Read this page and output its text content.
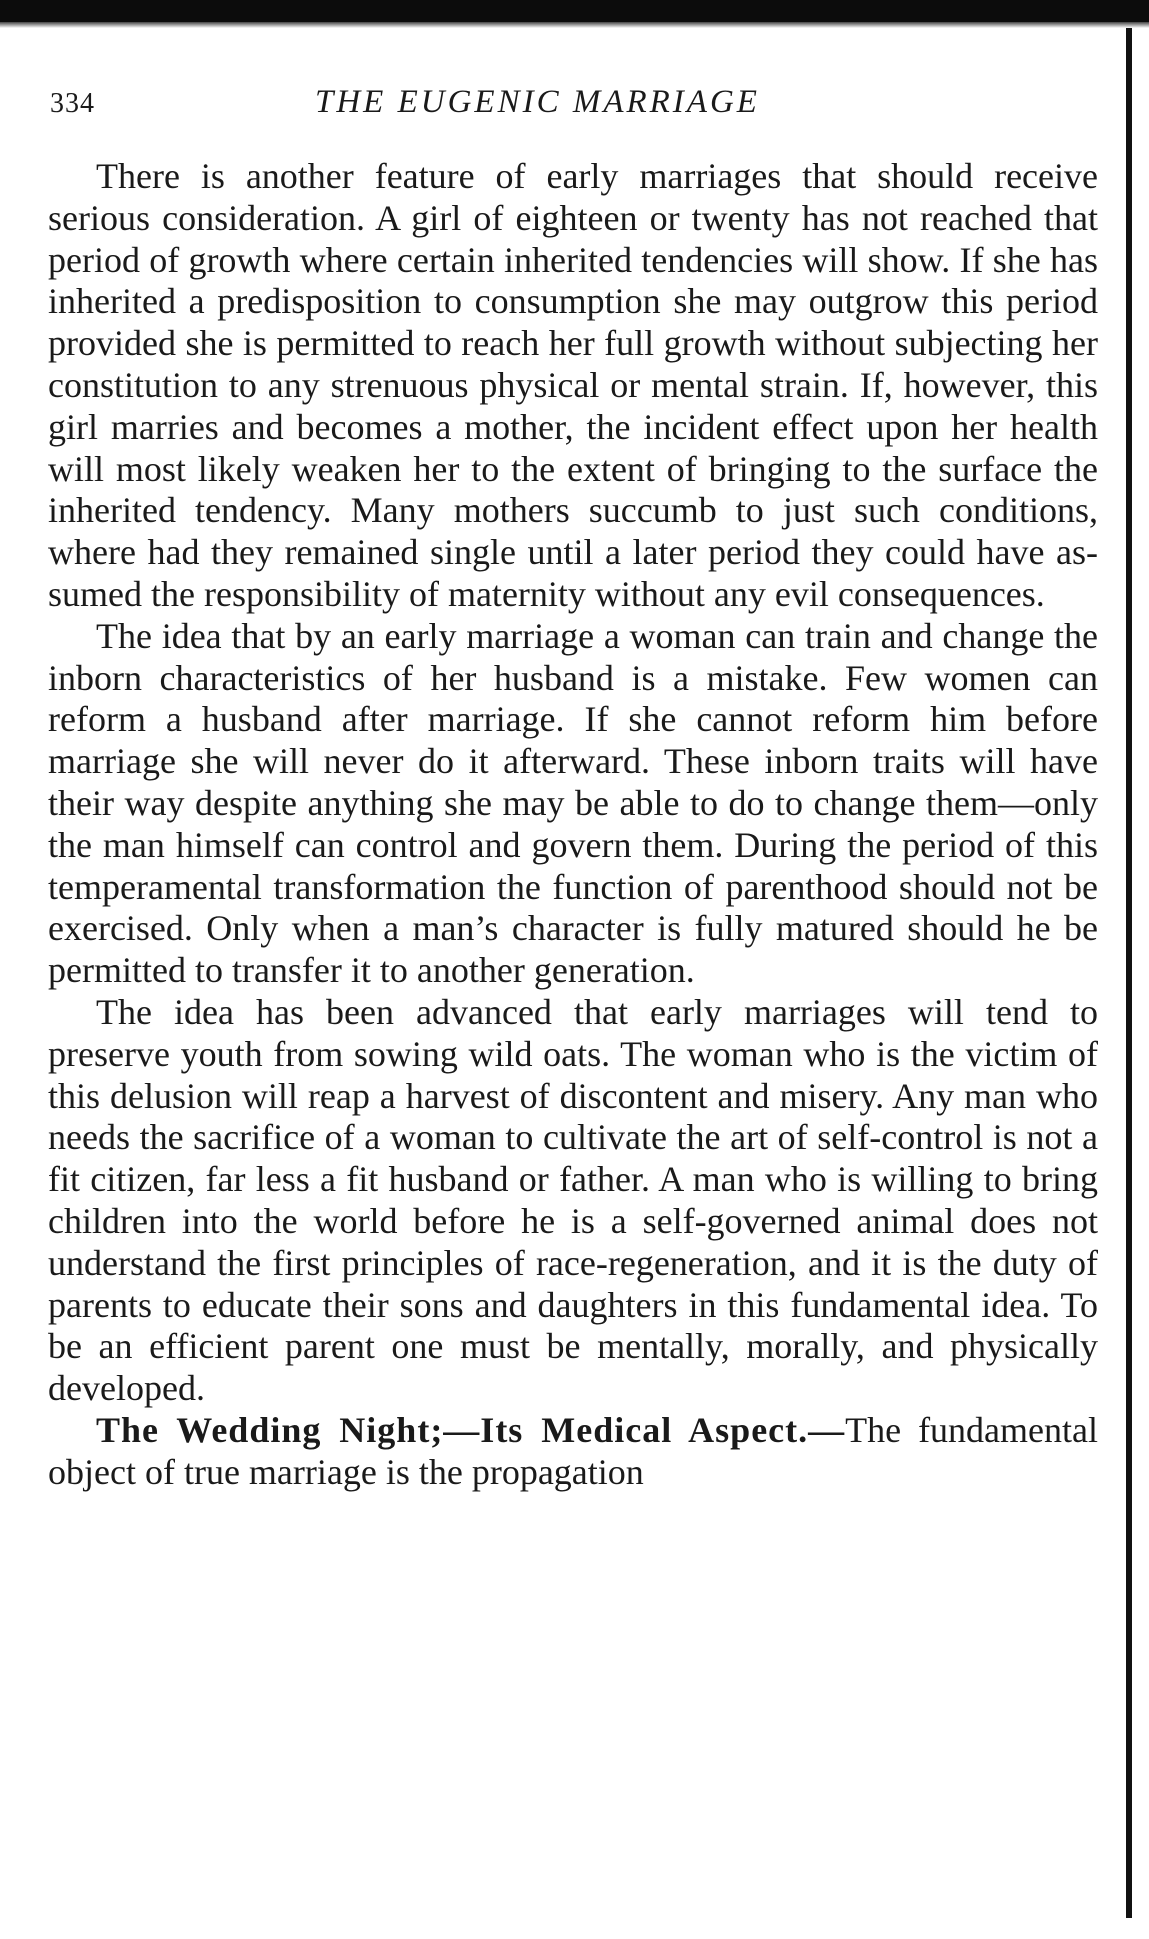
334	THE EUGENIC MARRIAGE

There is another feature of early marriages that should receive serious consideration. A girl of eighteen or twenty has not reached that period of growth where certain inherited tendencies will show. If she has inherited a predisposition to consumption she may outgrow this period provided she is permitted to reach her full growth without subjecting her constitution to any strenuous physical or mental strain. If, however, this girl marries and becomes a mother, the incident effect upon her health will most likely weaken her to the extent of bringing to the surface the inherited tendency. Many mothers succumb to just such conditions, where had they remained single until a later period they could have assumed the responsibility of maternity without any evil consequences.

The idea that by an early marriage a woman can train and change the inborn characteristics of her husband is a mistake. Few women can reform a husband after marriage. If she cannot reform him before marriage she will never do it afterward. These inborn traits will have their way despite anything she may be able to do to change them—only the man himself can control and govern them. During the period of this temperamental transformation the function of parenthood should not be exercised. Only when a man’s character is fully matured should he be permitted to transfer it to another generation.

The idea has been advanced that early marriages will tend to preserve youth from sowing wild oats. The woman who is the victim of this delusion will reap a harvest of discontent and misery. Any man who needs the sacrifice of a woman to cultivate the art of self-control is not a fit citizen, far less a fit husband or father. A man who is willing to bring children into the world before he is a self-governed animal does not understand the first principles of race-regeneration, and it is the duty of parents to educate their sons and daughters in this fundamental idea. To be an efficient parent one must be mentally, morally, and physically developed.

The Wedding Night;—Its Medical Aspect.—The fundamental object of true marriage is the propagation
